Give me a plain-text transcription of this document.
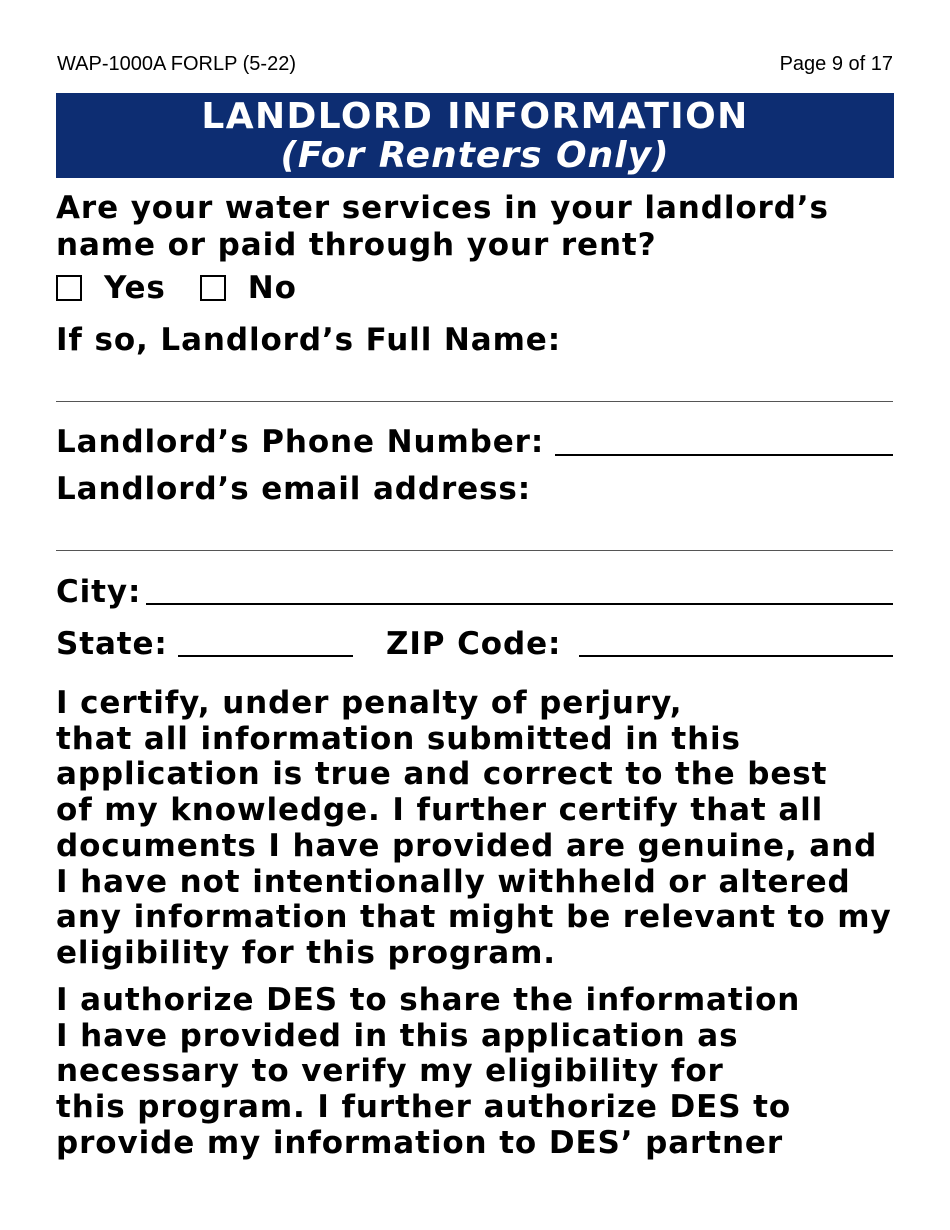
WAP-1000A FORLP (5-22)	Page 9 of 17
LANDLORD INFORMATION
(For Renters Only)
Are your water services in your landlord’s
name or paid through your rent?
Yes	No
If so, Landlord’s Full Name:
Landlord’s Phone Number:
Landlord’s email address:
City:
State:	ZIP Code:
I certify, under penalty of perjury,
that all information submitted in this
application is true and correct to the best
of my knowledge. I further certify that all
documents I have provided are genuine, and
I have not intentionally withheld or altered
any information that might be relevant to my
eligibility for this program.
I authorize DES to share the information
I have provided in this application as
necessary to verify my eligibility for
this program. I further authorize DES to
provide my information to DES’ partner
